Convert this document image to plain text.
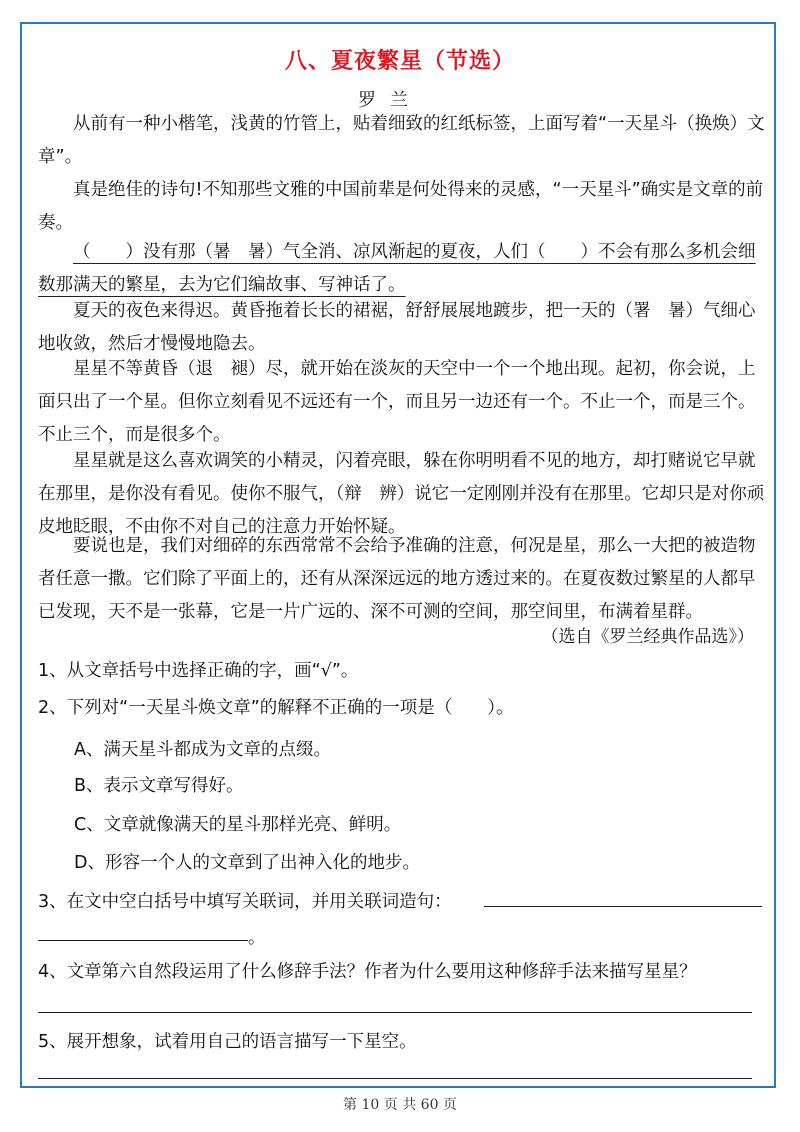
八、夏夜繁星（节选）
罗兰

从前有一种小楷笔，浅黄的竹管上，贴着细致的红纸标签，上面写着“一天星斗（换焕）文章”。

真是绝佳的诗句!不知那些文雅的中国前辈是何处得来的灵感，“一天星斗”确实是文章的前奏。

（　　）没有那（暑　暑）气全消、凉风渐起的夏夜，人们（　　）不会有那么多机会细数那满天的繁星，去为它们编故事、写神话了。

夏天的夜色来得迟。黄昏拖着长长的裙裾，舒舒展展地踱步，把一天的（署　暑）气细心地收敛，然后才慢慢地隐去。

星星不等黄昏（退　褪）尽，就开始在淡灰的天空中一个一个地出现。起初，你会说，上面只出了一个星。但你立刻看见不远还有一个，而且另一边还有一个。不止一个，而是三个。不止三个，而是很多个。

星星就是这么喜欢调笑的小精灵，闪着亮眼，躲在你明明看不见的地方，却打赌说它早就在那里，是你没有看见。使你不服气，（辩　辨）说它一定刚刚并没有在那里。它却只是对你顽皮地眨眼，不由你不对自己的注意力开始怀疑。

要说也是，我们对细碎的东西常常不会给予准确的注意，何况是星，那么一大把的被造物者任意一撒。它们除了平面上的，还有从深深远远的地方透过来的。在夏夜数过繁星的人都早已发现，天不是一张幕，它是一片广远的、深不可测的空间，那空间里，布满着星群。

（选自《罗兰经典作品选》）
1、从文章括号中选择正确的字，画“√”。
2、下列对“一天星斗焕文章”的解释不正确的一项是（　　）。
A、满天星斗都成为文章的点缀。
B、表示文章写得好。
C、文章就像满天的星斗那样光亮、鲜明。
D、形容一个人的文章到了出神入化的地步。
3、在文中空白括号中填写关联词，并用关联词造句：
。
4、文章第六自然段运用了什么修辞手法？作者为什么要用这种修辞手法来描写星星？
5、展开想象，试着用自己的语言描写一下星空。
第 10 页 共 60 页
